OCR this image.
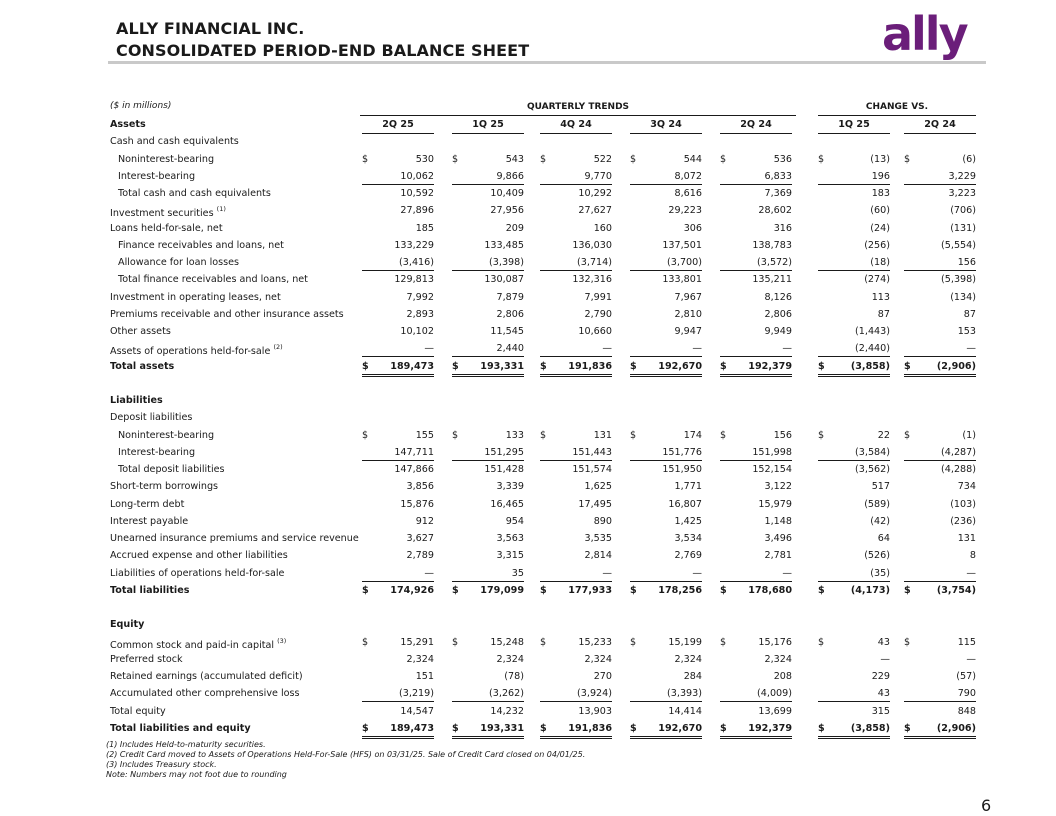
ALLY FINANCIAL INC.
CONSOLIDATED PERIOD-END BALANCE SHEET	ally
($ in millions)	QUARTERLY TRENDS	CHANGE VS.
Assets	2Q 25	1Q 25	4Q 24	3Q 24	2Q 24	1Q 25	2Q 24
Cash and cash equivalents
Noninterest-bearing	$	530 $	543 $	522 $	544 $	536	$	(13) $	(6)
Interest-bearing	10,062	9,866	9,770	8,072	6,833	196	3,229
Total cash and cash equivalents	10,592	10,409	10,292	8,616	7,369	183	3,223
Investment securities $^{(1)}$	27,896	27,956	27,627	29,223	28,602	(60)	(706)
Loans held-for-sale, net	185	209	160	306	316	(24)	(131)
Finance receivables and loans, net	133,229	133,485	136,030	137,501	138,783	(256)	(5,554)
Allowance for loan losses	(3,416)	(3,398)	(3,714)	(3,700)	(3,572)	(18)	156
Total finance receivables and loans, net	129,813	130,087	132,316	133,801	135,211	(274)	(5,398)
Investment in operating leases, net	7,992	7,879	7,991	7,967	8,126	113	(134)
Premiums receivable and other insurance assets	2,893	2,806	2,790	2,810	2,806	87	87
Other assets	10,102	11,545	10,660	9,947	9,949	(1,443)	153
Assets of operations held-for-sale $^{(2)}$	—	2,440	—	—	—	(2,440)	—
Total assets	$ 189,473 $ 193,331 $ 191,836 $ 192,670 $ 192,379	$	(3,858) $	(2,906)
Liabilities
Deposit liabilities
Noninterest-bearing	$	155 $	133 $	131 $	174 $	156	$	22 $	(1)
Interest-bearing	147,711	151,295	151,443	151,776	151,998	(3,584)	(4,287)
Total deposit liabilities	147,866	151,428	151,574	151,950	152,154	(3,562)	(4,288)
Short-term borrowings	3,856	3,339	1,625	1,771	3,122	517	734
Long-term debt	15,876	16,465	17,495	16,807	15,979	(589)	(103)
Interest payable	912	954	890	1,425	1,148	(42)	(236)
Unearned insurance premiums and service revenue	3,627	3,563	3,535	3,534	3,496	64	131
Accrued expense and other liabilities	2,789	3,315	2,814	2,769	2,781	(526)	8
Liabilities of operations held-for-sale	—	35	—	—	—	(35)	—
Total liabilities	$ 174,926 $ 179,099 $ 177,933 $ 178,256 $ 178,680	$	(4,173) $	(3,754)
Equity
Common stock and paid-in capital $^{(3)}$	$	15,291 $	15,248 $	15,233 $	15,199 $	15,176	$	43 $	115
Preferred stock	2,324	2,324	2,324	2,324	2,324	—	—
Retained earnings (accumulated deficit)	151	(78)	270	284	208	229	(57)
Accumulated other comprehensive loss	(3,219)	(3,262)	(3,924)	(3,393)	(4,009)	43	790
Total equity	14,547	14,232	13,903	14,414	13,699	315	848
Total liabilities and equity	$ 189,473 $ 193,331 $ 191,836 $ 192,670 $ 192,379	$	(3,858) $	(2,906)
(1) Includes Held-to-maturity securities.
(2) Credit Card moved to Assets of Operations Held-For-Sale (HFS) on 03/31/25. Sale of Credit Card closed on 04/01/25.
(3) Includes Treasury stock.
Note: Numbers may not foot due to rounding
6
